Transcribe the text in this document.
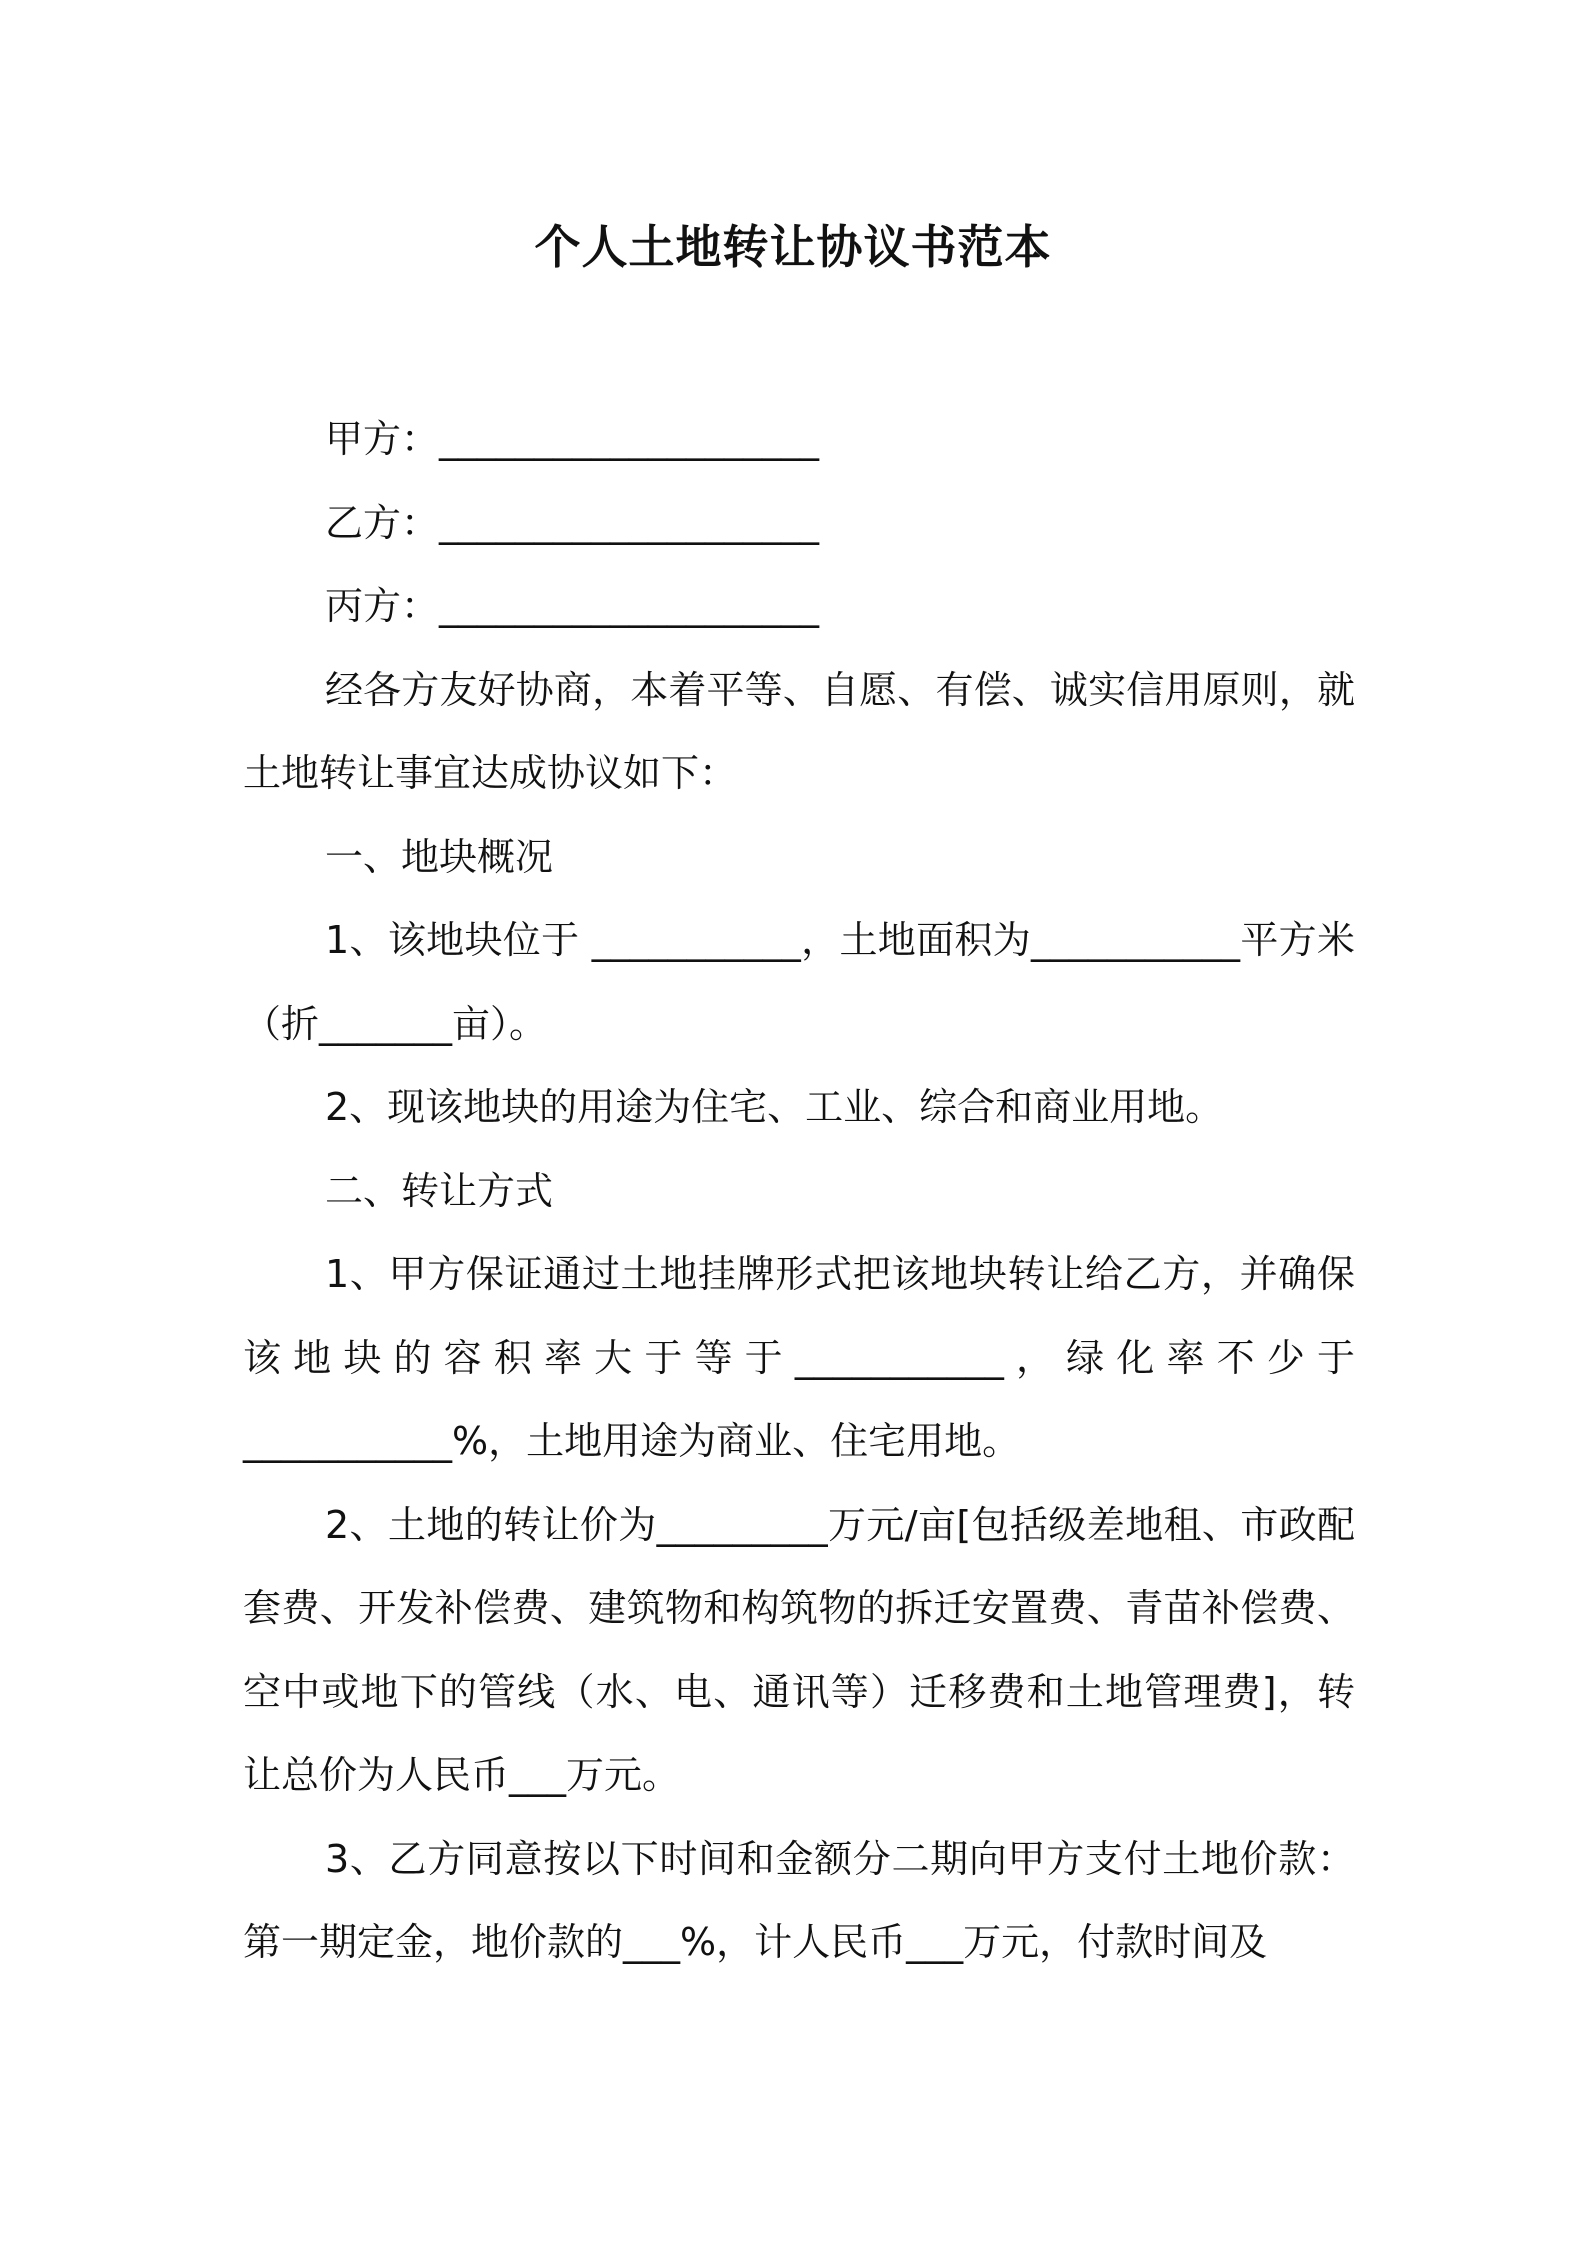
个人土地转让协议书范本

甲方：____________________

乙方：____________________

丙方：____________________

经各方友好协商，本着平等、自愿、有偿、诚实信用原则，就土地转让事宜达成协议如下：

一、地块概况

1、该地块位于 ___________，土地面积为___________平方米（折_______亩）。

2、现该地块的用途为住宅、工业、综合和商业用地。

二、转让方式

1、甲方保证通过土地挂牌形式把该地块转让给乙方，并确保该地块的容积率大于等于___________，绿化率不少于___________%，土地用途为商业、住宅用地。

2、土地的转让价为_________万元/亩[包括级差地租、市政配套费、开发补偿费、建筑物和构筑物的拆迁安置费、青苗补偿费、空中或地下的管线（水、电、通讯等）迁移费和土地管理费]，转让总价为人民币___万元。

3、乙方同意按以下时间和金额分二期向甲方支付土地价款：第一期定金，地价款的___%，计人民币___万元，付款时间及
